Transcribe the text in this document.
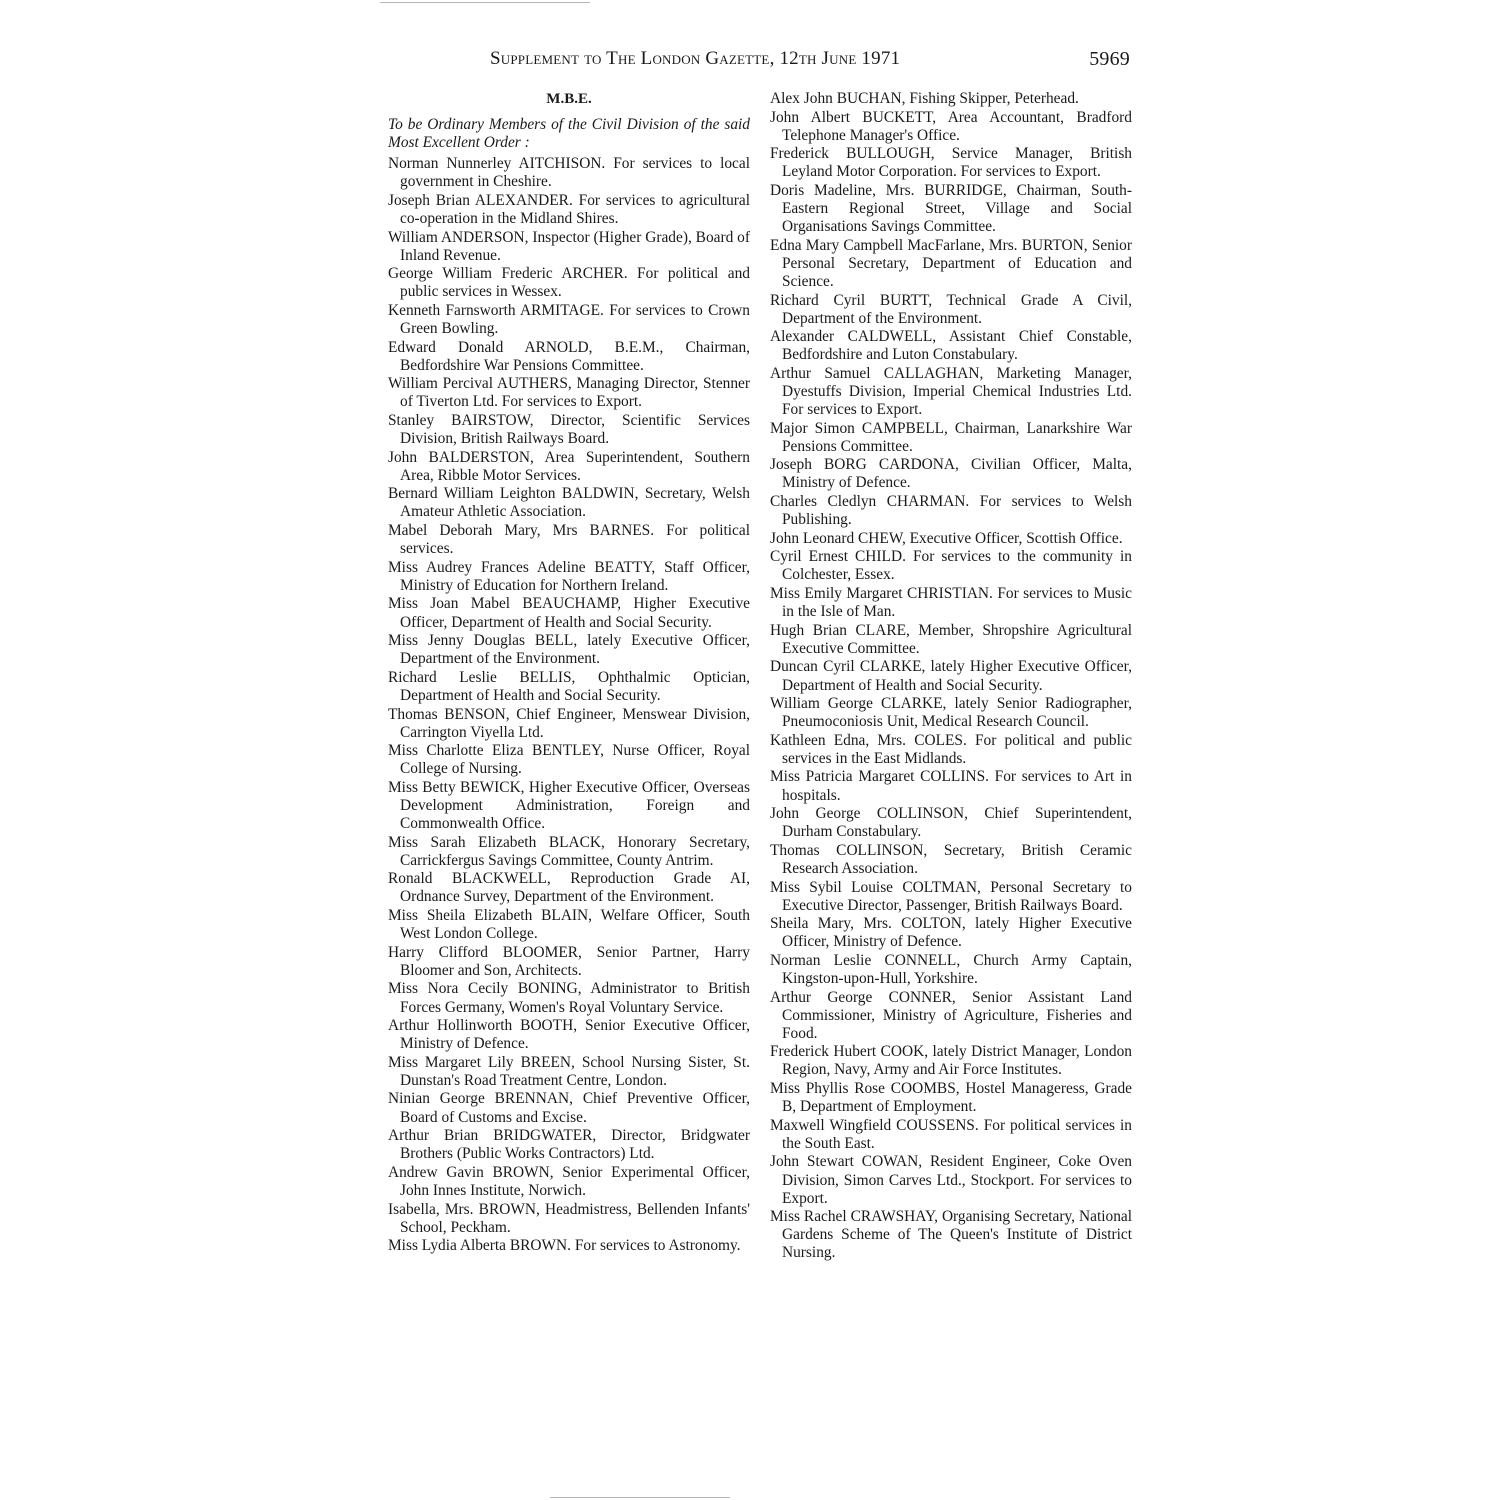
Supplement to The London Gazette, 12th June 1971	5969
M.B.E.
To be Ordinary Members of the Civil Division of the said Most Excellent Order :
Norman Nunnerley AITCHISON. For services to local government in Cheshire.
Joseph Brian ALEXANDER. For services to agricultural co-operation in the Midland Shires.
William ANDERSON, Inspector (Higher Grade), Board of Inland Revenue.
George William Frederic ARCHER. For political and public services in Wessex.
Kenneth Farnsworth ARMITAGE. For services to Crown Green Bowling.
Edward Donald ARNOLD, B.E.M., Chairman, Bedfordshire War Pensions Committee.
William Percival AUTHERS, Managing Director, Stenner of Tiverton Ltd. For services to Export.
Stanley BAIRSTOW, Director, Scientific Services Division, British Railways Board.
John BALDERSTON, Area Superintendent, Southern Area, Ribble Motor Services.
Bernard William Leighton BALDWIN, Secretary, Welsh Amateur Athletic Association.
Mabel Deborah Mary, Mrs BARNES. For political services.
Miss Audrey Frances Adeline BEATTY, Staff Officer, Ministry of Education for Northern Ireland.
Miss Joan Mabel BEAUCHAMP, Higher Executive Officer, Department of Health and Social Security.
Miss Jenny Douglas BELL, lately Executive Officer, Department of the Environment.
Richard Leslie BELLIS, Ophthalmic Optician, Department of Health and Social Security.
Thomas BENSON, Chief Engineer, Menswear Division, Carrington Viyella Ltd.
Miss Charlotte Eliza BENTLEY, Nurse Officer, Royal College of Nursing.
Miss Betty BEWICK, Higher Executive Officer, Overseas Development Administration, Foreign and Commonwealth Office.
Miss Sarah Elizabeth BLACK, Honorary Secretary, Carrickfergus Savings Committee, County Antrim.
Ronald BLACKWELL, Reproduction Grade AI, Ordnance Survey, Department of the Environment.
Miss Sheila Elizabeth BLAIN, Welfare Officer, South West London College.
Harry Clifford BLOOMER, Senior Partner, Harry Bloomer and Son, Architects.
Miss Nora Cecily BONING, Administrator to British Forces Germany, Women's Royal Voluntary Service.
Arthur Hollinworth BOOTH, Senior Executive Officer, Ministry of Defence.
Miss Margaret Lily BREEN, School Nursing Sister, St. Dunstan's Road Treatment Centre, London.
Ninian George BRENNAN, Chief Preventive Officer, Board of Customs and Excise.
Arthur Brian BRIDGWATER, Director, Bridgwater Brothers (Public Works Contractors) Ltd.
Andrew Gavin BROWN, Senior Experimental Officer, John Innes Institute, Norwich.
Isabella, Mrs. BROWN, Headmistress, Bellenden Infants' School, Peckham.
Miss Lydia Alberta BROWN. For services to Astronomy.
Alex John BUCHAN, Fishing Skipper, Peterhead.
John Albert BUCKETT, Area Accountant, Bradford Telephone Manager's Office.
Frederick BULLOUGH, Service Manager, British Leyland Motor Corporation. For services to Export.
Doris Madeline, Mrs. BURRIDGE, Chairman, South-Eastern Regional Street, Village and Social Organisations Savings Committee.
Edna Mary Campbell MacFarlane, Mrs. BURTON, Senior Personal Secretary, Department of Education and Science.
Richard Cyril BURTT, Technical Grade A Civil, Department of the Environment.
Alexander CALDWELL, Assistant Chief Constable, Bedfordshire and Luton Constabulary.
Arthur Samuel CALLAGHAN, Marketing Manager, Dyestuffs Division, Imperial Chemical Industries Ltd. For services to Export.
Major Simon CAMPBELL, Chairman, Lanarkshire War Pensions Committee.
Joseph BORG CARDONA, Civilian Officer, Malta, Ministry of Defence.
Charles Cledlyn CHARMAN. For services to Welsh Publishing.
John Leonard CHEW, Executive Officer, Scottish Office.
Cyril Ernest CHILD. For services to the community in Colchester, Essex.
Miss Emily Margaret CHRISTIAN. For services to Music in the Isle of Man.
Hugh Brian CLARE, Member, Shropshire Agricultural Executive Committee.
Duncan Cyril CLARKE, lately Higher Executive Officer, Department of Health and Social Security.
William George CLARKE, lately Senior Radiographer, Pneumoconiosis Unit, Medical Research Council.
Kathleen Edna, Mrs. COLES. For political and public services in the East Midlands.
Miss Patricia Margaret COLLINS. For services to Art in hospitals.
John George COLLINSON, Chief Superintendent, Durham Constabulary.
Thomas COLLINSON, Secretary, British Ceramic Research Association.
Miss Sybil Louise COLTMAN, Personal Secretary to Executive Director, Passenger, British Railways Board.
Sheila Mary, Mrs. COLTON, lately Higher Executive Officer, Ministry of Defence.
Norman Leslie CONNELL, Church Army Captain, Kingston-upon-Hull, Yorkshire.
Arthur George CONNER, Senior Assistant Land Commissioner, Ministry of Agriculture, Fisheries and Food.
Frederick Hubert COOK, lately District Manager, London Region, Navy, Army and Air Force Institutes.
Miss Phyllis Rose COOMBS, Hostel Manageress, Grade B, Department of Employment.
Maxwell Wingfield COUSSENS. For political services in the South East.
John Stewart COWAN, Resident Engineer, Coke Oven Division, Simon Carves Ltd., Stockport. For services to Export.
Miss Rachel CRAWSHAY, Organising Secretary, National Gardens Scheme of The Queen's Institute of District Nursing.
